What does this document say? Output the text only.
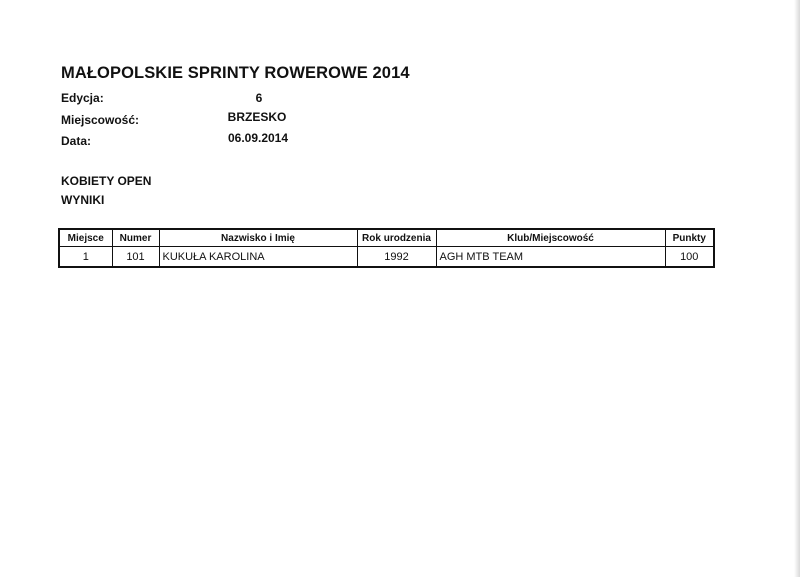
MAŁOPOLSKIE SPRINTY ROWEROWE 2014
Edycja:	6
Miejscowość:	BRZESKO
Data:	06.09.2014
KOBIETY OPEN
WYNIKI
Miejsce	Numer	Nazwisko i Imię	Rok urodzenia	Klub/Miejscowość	Punkty
1	101	KUKUŁA KAROLINA	1992	AGH MTB TEAM	100
